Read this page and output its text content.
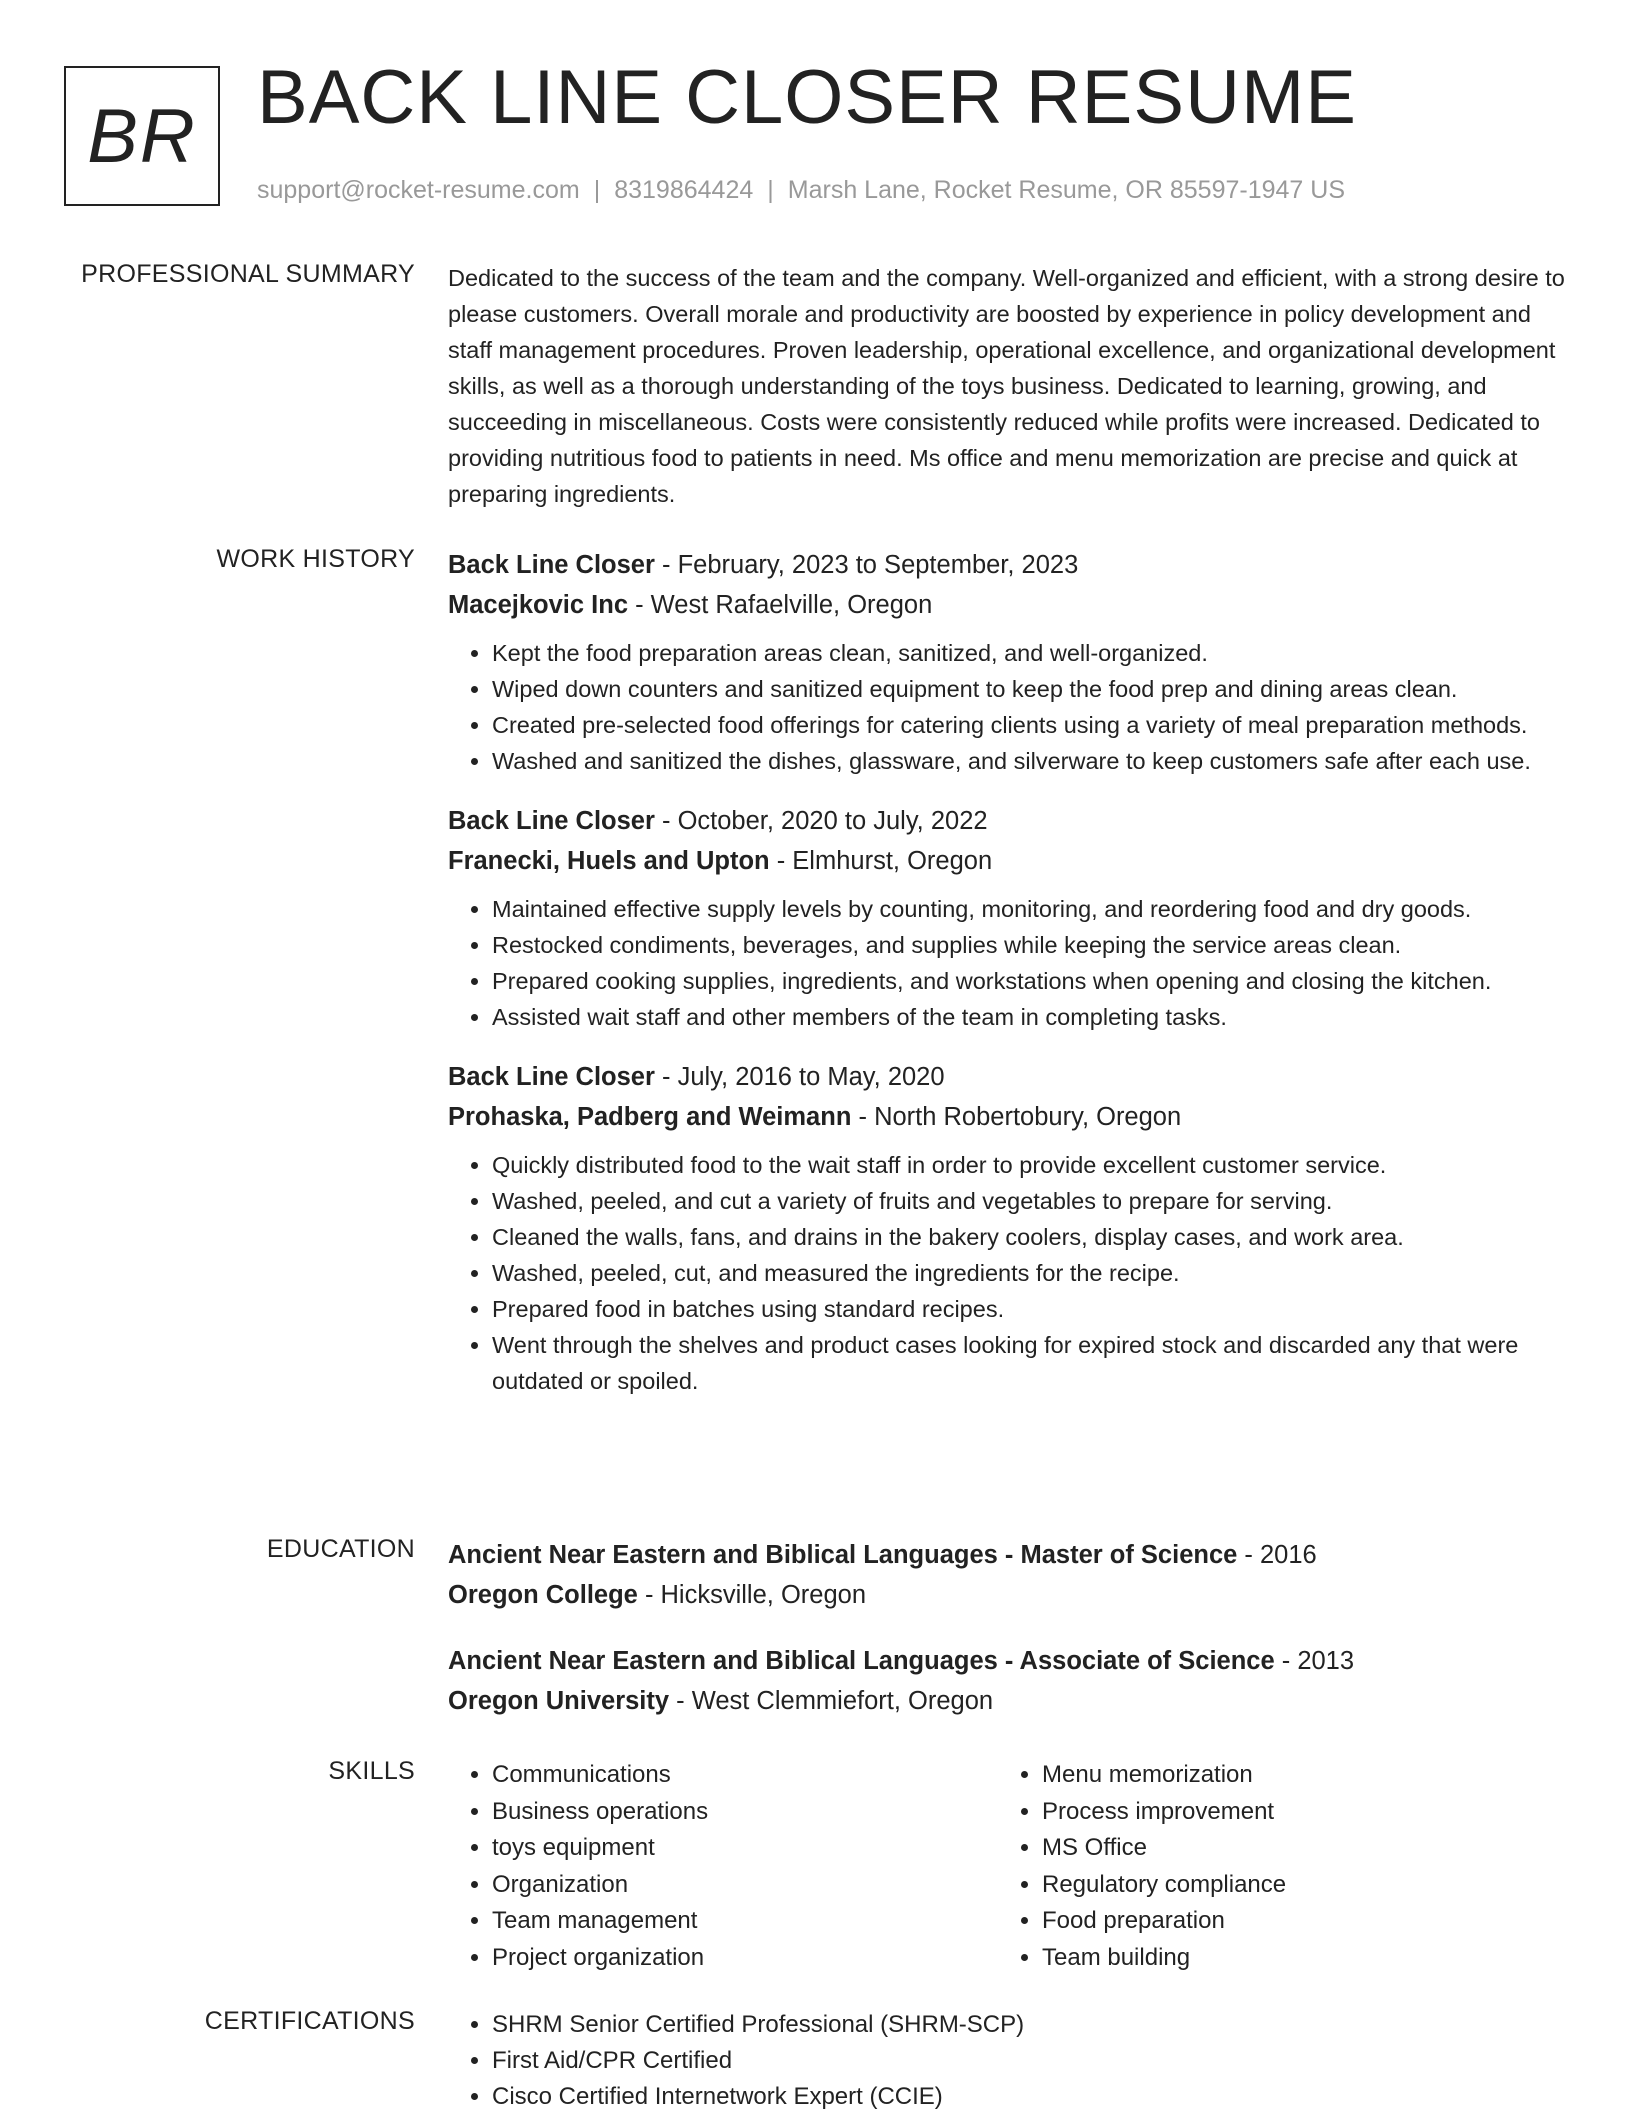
BR BACK LINE CLOSER RESUME
support@rocket-resume.com | 8319864424 | Marsh Lane, Rocket Resume, OR 85597-1947 US
PROFESSIONAL SUMMARY Dedicated to the success of the team and the company. Well-organized and efficient, with a strong desire to please customers. Overall morale and productivity are boosted by experience in policy development and staff management procedures. Proven leadership, operational excellence, and organizational development skills, as well as a thorough understanding of the toys business. Dedicated to learning, growing, and succeeding in miscellaneous. Costs were consistently reduced while profits were increased. Dedicated to providing nutritious food to patients in need. Ms office and menu memorization are precise and quick at preparing ingredients.

WORK HISTORY Back Line Closer - February, 2023 to September, 2023
Macejkovic Inc - West Rafaelville, Oregon
• Kept the food preparation areas clean, sanitized, and well-organized.
• Wiped down counters and sanitized equipment to keep the food prep and dining areas clean.
• Created pre-selected food offerings for catering clients using a variety of meal preparation methods.
• Washed and sanitized the dishes, glassware, and silverware to keep customers safe after each use.
Back Line Closer - October, 2020 to July, 2022
Franecki, Huels and Upton - Elmhurst, Oregon
• Maintained effective supply levels by counting, monitoring, and reordering food and dry goods.
• Restocked condiments, beverages, and supplies while keeping the service areas clean.
• Prepared cooking supplies, ingredients, and workstations when opening and closing the kitchen.
• Assisted wait staff and other members of the team in completing tasks.
Back Line Closer - July, 2016 to May, 2020
Prohaska, Padberg and Weimann - North Robertobury, Oregon
• Quickly distributed food to the wait staff in order to provide excellent customer service.
• Washed, peeled, and cut a variety of fruits and vegetables to prepare for serving.
• Cleaned the walls, fans, and drains in the bakery coolers, display cases, and work area.
• Washed, peeled, cut, and measured the ingredients for the recipe.
• Prepared food in batches using standard recipes.
• Went through the shelves and product cases looking for expired stock and discarded any that were outdated or spoiled.
EDUCATION Ancient Near Eastern and Biblical Languages - Master of Science - 2016
Oregon College - Hicksville, Oregon
Ancient Near Eastern and Biblical Languages - Associate of Science - 2013
Oregon University - West Clemmiefort, Oregon
SKILLS	• Communications
• Business operations
• toys equipment
• Organization
• Team management
• Project organization
• Menu memorization
• Process improvement
• MS Office
• Regulatory compliance
• Food preparation
• Team building
CERTIFICATIONS	• SHRM Senior Certified Professional (SHRM-SCP)
• First Aid/CPR Certified
• Cisco Certified Internetwork Expert (CCIE)
